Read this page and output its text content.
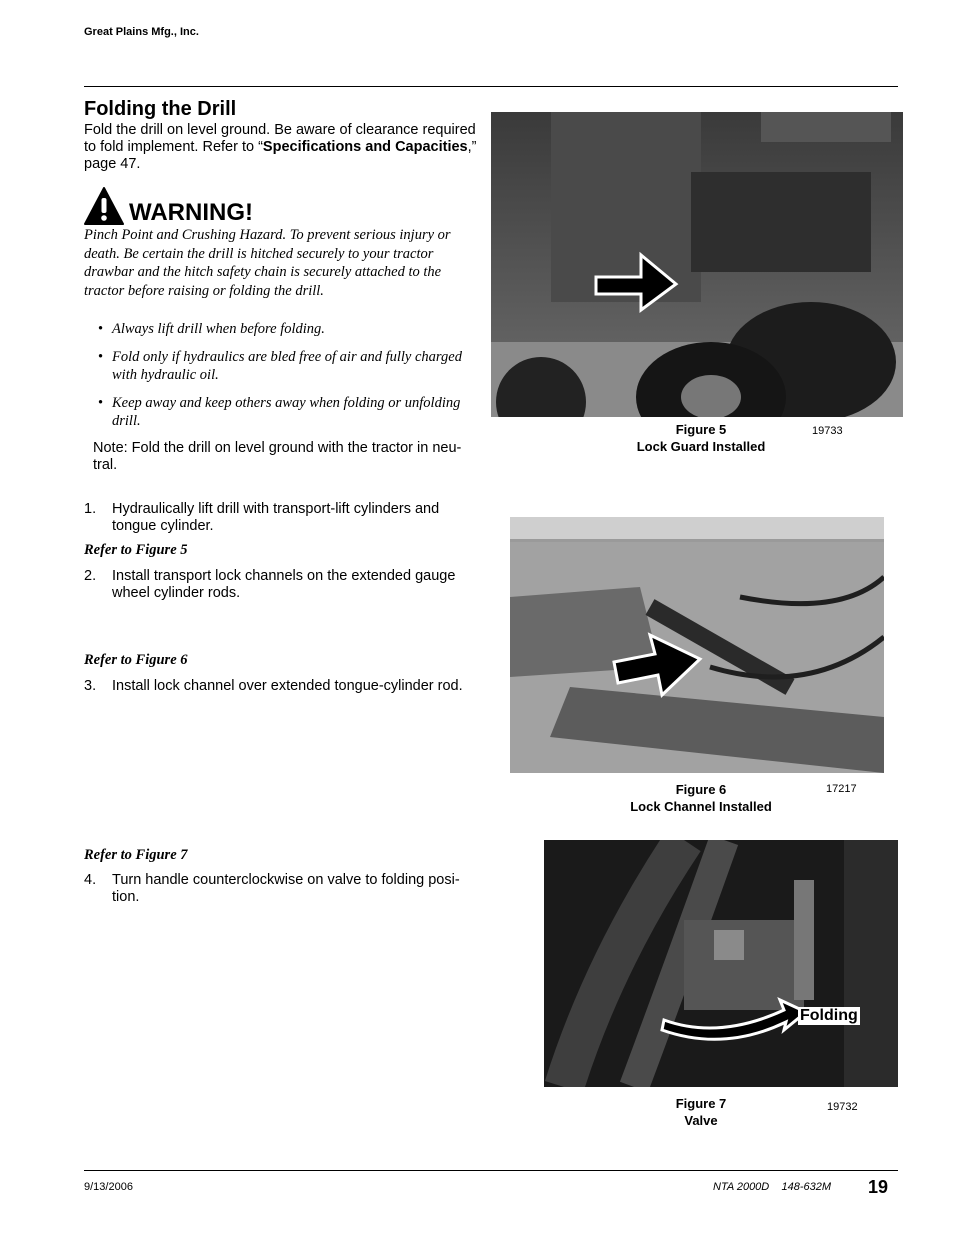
Great Plains Mfg., Inc.
Folding the Drill
Fold the drill on level ground. Be aware of clearance required to fold implement. Refer to “Specifications and Capacities,” page 47.
WARNING!
Pinch Point and Crushing Hazard. To prevent serious injury or death. Be certain the drill is hitched securely to your tractor drawbar and the hitch safety chain is securely attached to the tractor before raising or folding the drill.
• Always lift drill when before folding.
• Fold only if hydraulics are bled free of air and fully charged with hydraulic oil.
• Keep away and keep others away when folding or unfolding drill.
Note: Fold the drill on level ground with the tractor in neu-tral.
1. Hydraulically lift drill with transport-lift cylinders and tongue cylinder.
Refer to Figure 5
2. Install transport lock channels on the extended gauge wheel cylinder rods.
Refer to Figure 6
3. Install lock channel over extended tongue-cylinder rod.
Refer to Figure 7
4. Turn handle counterclockwise on valve to folding posi-tion.
Figure 5
Lock Guard Installed
19733
Figure 6
Lock Channel Installed
17217
Folding
Figure 7
Valve
19732
9/13/2006	NTA 2000D    148-632M 19
